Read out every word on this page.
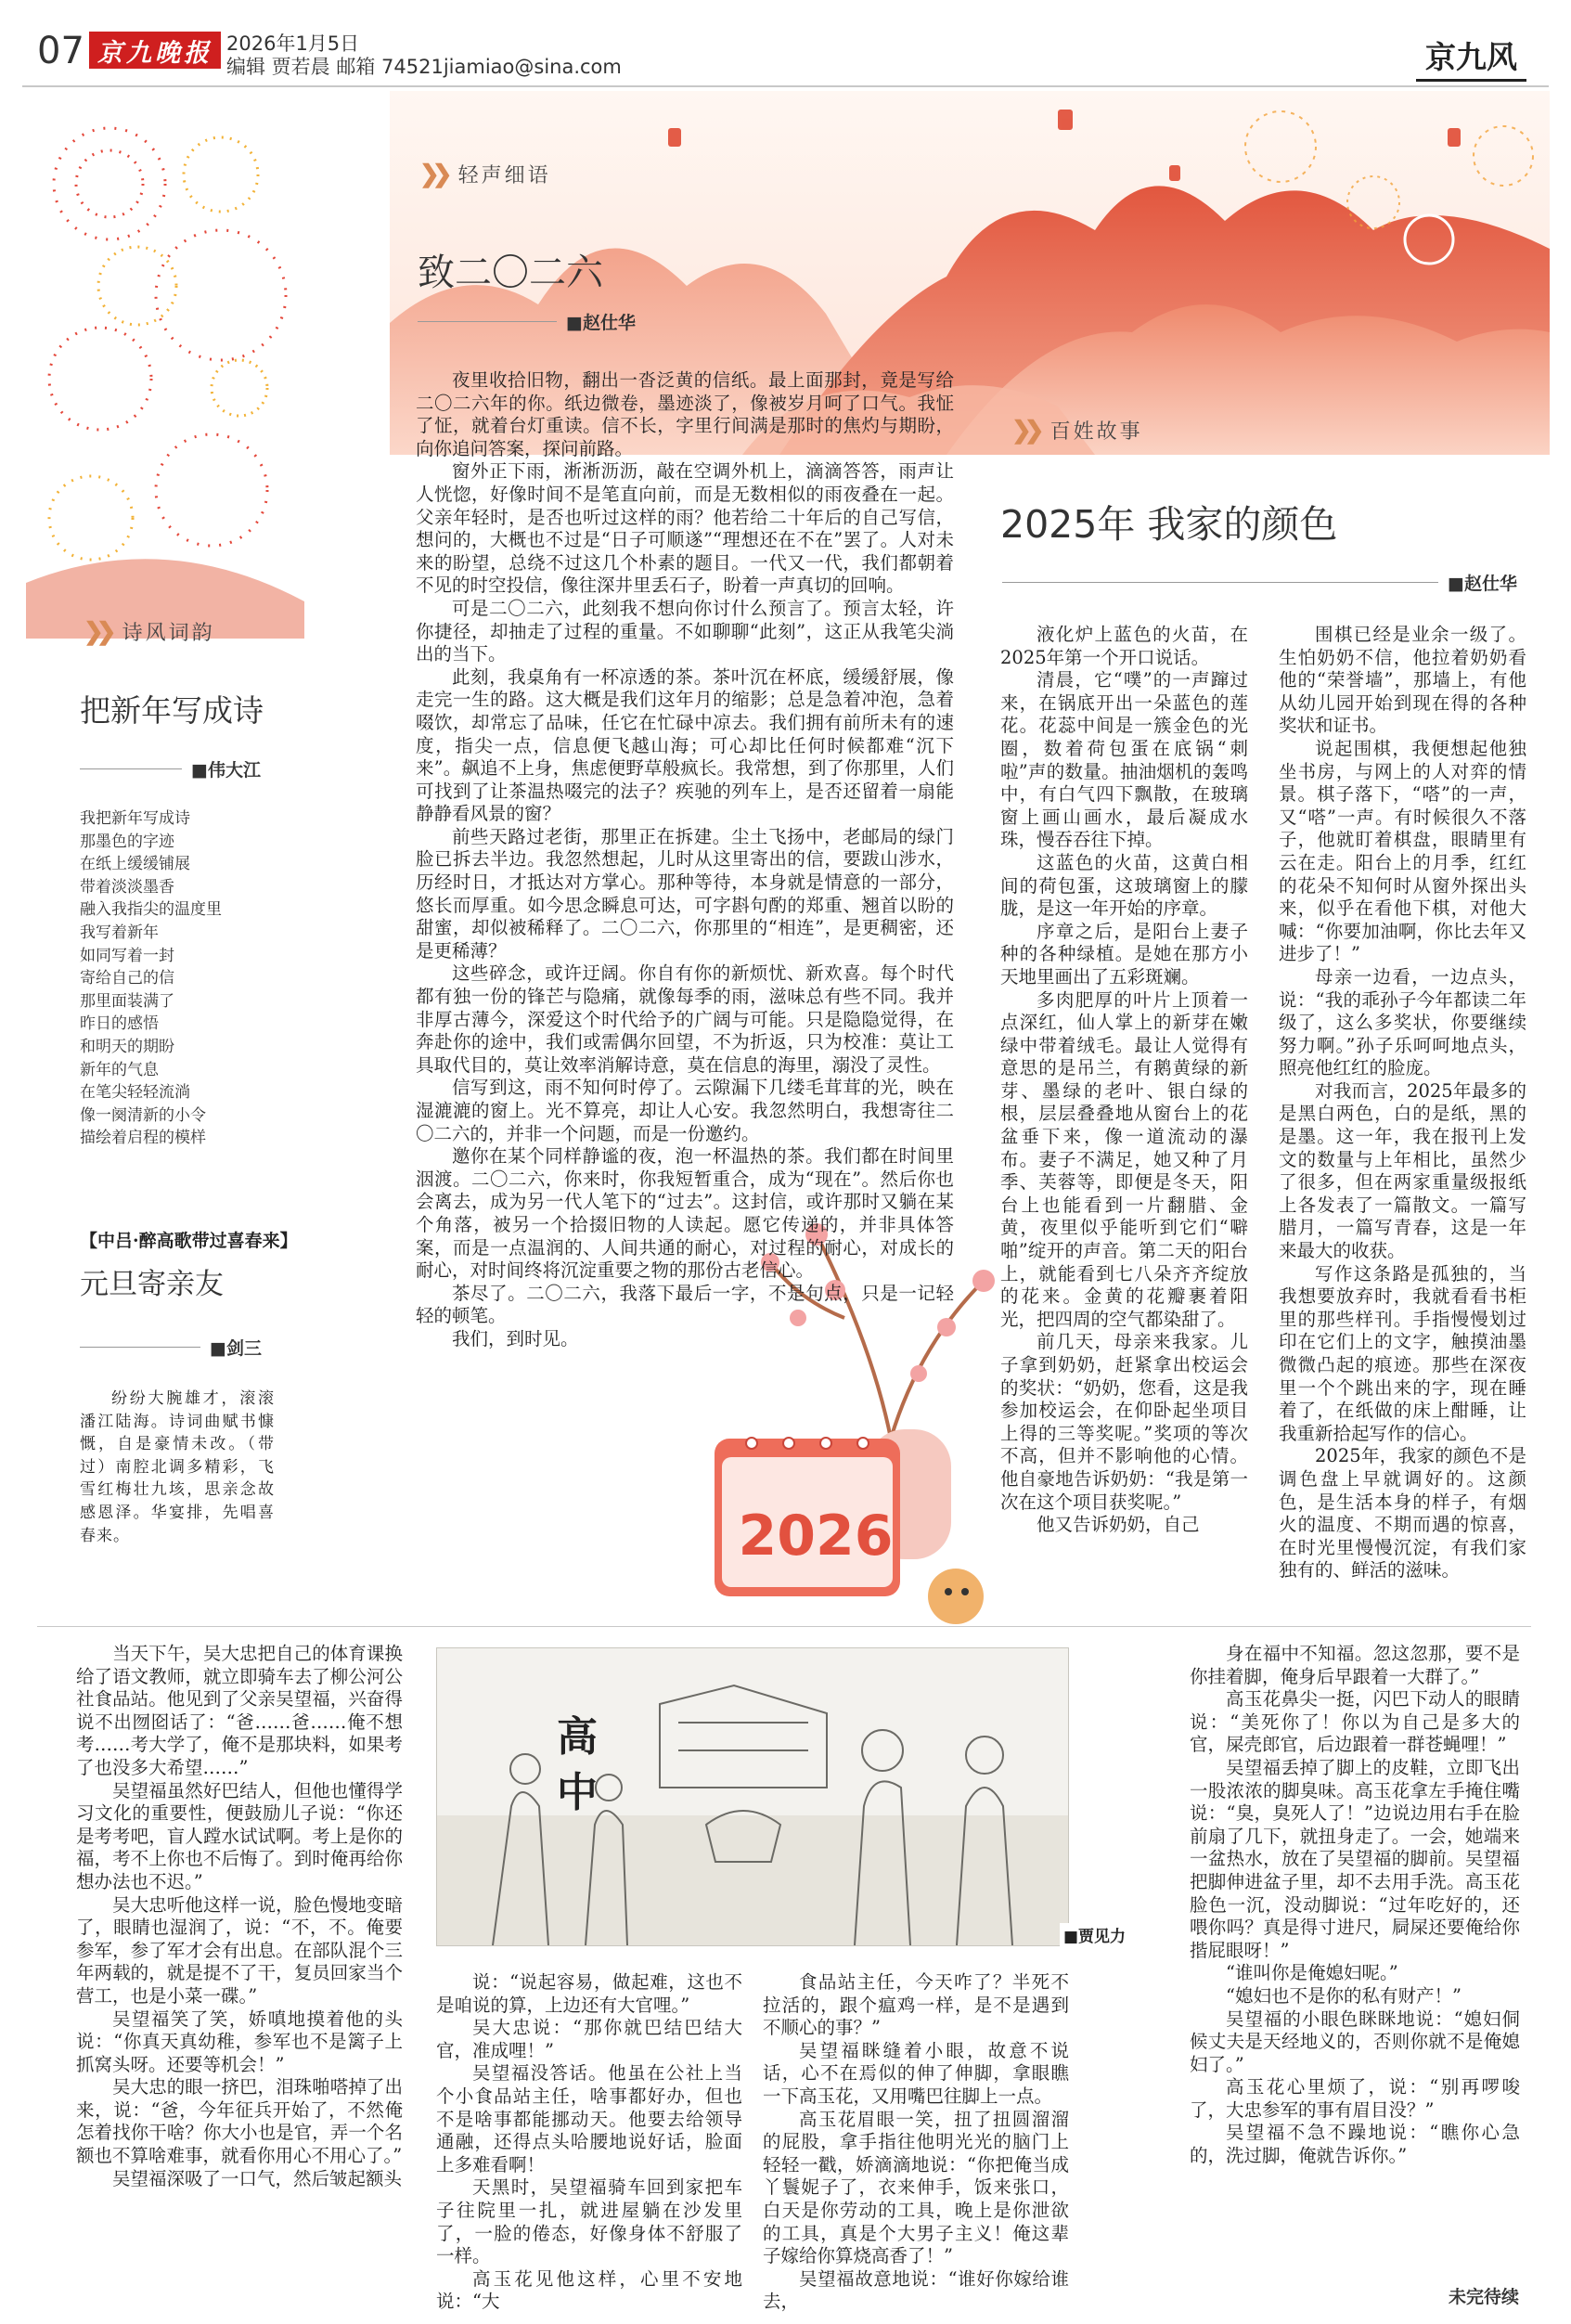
07 京九晚报 2026年1月5日
编辑 贾若晨 邮箱 74521jiamiao@sina.com	京九风
2026
❯❯ 轻声细语
致二〇二六
■赵仕华

夜里收拾旧物，翻出一沓泛黄的信纸。最上面那封，竟是写给二〇二六年的你。纸边微卷，墨迹淡了，像被岁月呵了口气。我怔了怔，就着台灯重读。信不长，字里行间满是那时的焦灼与期盼，向你追问答案，探问前路。

窗外正下雨，淅淅沥沥，敲在空调外机上，滴滴答答，雨声让人恍惚，好像时间不是笔直向前，而是无数相似的雨夜叠在一起。父亲年轻时，是否也听过这样的雨？他若给二十年后的自己写信，想问的，大概也不过是“日子可顺遂”“理想还在不在”罢了。人对未来的盼望，总绕不过这几个朴素的题目。一代又一代，我们都朝着不见的时空投信，像往深井里丢石子，盼着一声真切的回响。

可是二〇二六，此刻我不想向你讨什么预言了。预言太轻，许你捷径，却抽走了过程的重量。不如聊聊“此刻”，这正从我笔尖淌出的当下。

此刻，我桌角有一杯凉透的茶。茶叶沉在杯底，缓缓舒展，像走完一生的路。这大概是我们这年月的缩影；总是急着冲泡，急着啜饮，却常忘了品味，任它在忙碌中凉去。我们拥有前所未有的速度，指尖一点，信息便飞越山海；可心却比任何时候都难“沉下来”。飙追不上身，焦虑便野草般疯长。我常想，到了你那里，人们可找到了让茶温热啜完的法子？疾驰的列车上，是否还留着一扇能静静看风景的窗？

前些天路过老街，那里正在拆建。尘土飞扬中，老邮局的绿门脸已拆去半边。我忽然想起，儿时从这里寄出的信，要跋山涉水，历经时日，才抵达对方掌心。那种等待，本身就是情意的一部分，悠长而厚重。如今思念瞬息可达，可字斟句酌的郑重、翘首以盼的甜蜜，却似被稀释了。二〇二六，你那里的“相连”，是更稠密，还是更稀薄？

这些碎念，或许迂阔。你自有你的新烦忧、新欢喜。每个时代都有独一份的锋芒与隐痛，就像每季的雨，滋味总有些不同。我并非厚古薄今，深爱这个时代给予的广阔与可能。只是隐隐觉得，在奔赴你的途中，我们或需偶尔回望，不为折返，只为校准：莫让工具取代目的，莫让效率消解诗意，莫在信息的海里，溺没了灵性。

信写到这，雨不知何时停了。云隙漏下几缕毛茸茸的光，映在湿漉漉的窗上。光不算亮，却让人心安。我忽然明白，我想寄往二〇二六的，并非一个问题，而是一份邀约。

邀你在某个同样静谧的夜，泡一杯温热的茶。我们都在时间里洇渡。二〇二六，你来时，你我短暂重合，成为“现在”。然后你也会离去，成为另一代人笔下的“过去”。这封信，或许那时又躺在某个角落，被另一个拾掇旧物的人读起。愿它传递的，并非具体答案，而是一点温润的、人间共通的耐心，对过程的耐心，对成长的耐心，对时间终将沉淀重要之物的那份古老信心。

茶尽了。二〇二六，我落下最后一字，不是句点，只是一记轻轻的顿笔。

我们，到时见。

❯❯ 诗风词韵
把新年写成诗
■伟大江
我把新年写成诗
那墨色的字迹
在纸上缓缓铺展
带着淡淡墨香
融入我指尖的温度里
我写着新年
如同写着一封
寄给自己的信
那里面装满了
昨日的感悟
和明天的期盼
新年的气息
在笔尖轻轻流淌
像一阕清新的小令
描绘着启程的模样
【中吕·醉高歌带过喜春来】
元旦寄亲友
■剑三

纷纷大腕雄才，滚滚潘江陆海。诗词曲赋书慷慨，自是豪情未改。（带过）南腔北调多精彩，飞雪红梅壮九垓，思亲念故感恩泽。华宴排，先唱喜春来。

❯❯ 百姓故事
2025年 我家的颜色
■赵仕华

液化炉上蓝色的火苗，在2025年第一个开口说话。

清晨，它“噗”的一声蹿过来，在锅底开出一朵蓝色的莲花。花蕊中间是一簇金色的光圈，数着荷包蛋在底锅“刺啦”声的数量。抽油烟机的轰鸣中，有白气四下飘散，在玻璃窗上画山画水，最后凝成水珠，慢吞吞往下掉。

这蓝色的火苗，这黄白相间的荷包蛋，这玻璃窗上的朦胧，是这一年开始的序章。

序章之后，是阳台上妻子种的各种绿植。是她在那方小天地里画出了五彩斑斓。

多肉肥厚的叶片上顶着一点深红，仙人掌上的新芽在嫩绿中带着绒毛。最让人觉得有意思的是吊兰，有鹅黄绿的新芽、墨绿的老叶、银白绿的根，层层叠叠地从窗台上的花盆垂下来，像一道流动的瀑布。妻子不满足，她又种了月季、芙蓉等，即便是冬天，阳台上也能看到一片翻腊、金黄，夜里似乎能听到它们“噼啪”绽开的声音。第二天的阳台上，就能看到七八朵齐齐绽放的花来。金黄的花瓣裹着阳光，把四周的空气都染甜了。

前几天，母亲来我家。儿子拿到奶奶，赶紧拿出校运会的奖状：“奶奶，您看，这是我参加校运会，在仰卧起坐项目上得的三等奖呢。”奖项的等次不高，但并不影响他的心情。他自豪地告诉奶奶：“我是第一次在这个项目获奖呢。”

他又告诉奶奶，自己

围棋已经是业余一级了。生怕奶奶不信，他拉着奶奶看他的“荣誉墙”，那墙上，有他从幼儿园开始到现在得的各种奖状和证书。

说起围棋，我便想起他独坐书房，与网上的人对弈的情景。棋子落下，“嗒”的一声，又“嗒”一声。有时候很久不落子，他就盯着棋盘，眼睛里有云在走。阳台上的月季，红红的花朵不知何时从窗外探出头来，似乎在看他下棋，对他大喊：“你要加油啊，你比去年又进步了！”

母亲一边看，一边点头，说：“我的乖孙子今年都读二年级了，这么多奖状，你要继续努力啊。”孙子乐呵呵地点头，照亮他红红的脸庞。

对我而言，2025年最多的是黑白两色，白的是纸，黑的是墨。这一年，我在报刊上发文的数量与上年相比，虽然少了很多，但在两家重量级报纸上各发表了一篇散文。一篇写腊月，一篇写青春，这是一年来最大的收获。

写作这条路是孤独的，当我想要放弃时，我就看看书柜里的那些样刊。手指慢慢划过印在它们上的文字，触摸油墨微微凸起的痕迹。那些在深夜里一个个跳出来的字，现在睡着了，在纸做的床上酣睡，让我重新拾起写作的信心。

2025年，我家的颜色不是调色盘上早就调好的。这颜色，是生活本身的样子，有烟火的温度、不期而遇的惊喜，在时光里慢慢沉淀，有我们家独有的、鲜活的滋味。

高中
■贾见力

当天下午，吴大忠把自己的体育课换给了语文教师，就立即骑车去了柳公河公社食品站。他见到了父亲吴望福，兴奋得说不出囫囵话了：“爸……爸……俺不想考……考大学了，俺不是那块料，如果考了也没多大希望……”

吴望福虽然好巴结人，但他也懂得学习文化的重要性，便鼓励儿子说：“你还是考考吧，盲人蹚水试试啊。考上是你的福，考不上你也不后悔了。到时俺再给你想办法也不迟。”

吴大忠听他这样一说，脸色慢地变暗了，眼睛也湿润了，说：“不，不。俺要参军，参了军才会有出息。在部队混个三年两载的，就是提不了干，复员回家当个营工，也是小菜一碟。”

吴望福笑了笑，娇嗔地摸着他的头说：“你真天真幼稚，参军也不是篱子上抓窝头呀。还要等机会！”

吴大忠的眼一挤巴，泪珠啪嗒掉了出来，说：“爸，今年征兵开始了，不然俺怎着找你干啥？你大小也是官，弄一个名额也不算啥难事，就看你用心不用心了。”

吴望福深吸了一口气，然后皱起额头

说：“说起容易，做起难，这也不是咱说的算，上边还有大官哩。”

吴大忠说：“那你就巴结巴结大官，准成哩！”

吴望福没答话。他虽在公社上当个小食品站主任，啥事都好办，但也不是啥事都能挪动天。他要去给领导通融，还得点头哈腰地说好话，脸面上多难看啊！

天黑时，吴望福骑车回到家把车子往院里一扎，就进屋躺在沙发里了，一脸的倦态，好像身体不舒服了一样。

高玉花见他这样，心里不安地说：“大

食品站主任，今天咋了？半死不拉活的，跟个瘟鸡一样，是不是遇到不顺心的事？”

吴望福眯缝着小眼，故意不说话，心不在焉似的伸了伸脚，拿眼瞧一下高玉花，又用嘴巴往脚上一点。

高玉花眉眼一笑，扭了扭圆溜溜的屁股，拿手指往他明光光的脑门上轻轻一戳，娇滴滴地说：“你把俺当成丫鬟妮子了，衣来伸手，饭来张口，白天是你劳动的工具，晚上是你泄欲的工具，真是个大男子主义！俺这辈子嫁给你算烧高香了！”

吴望福故意地说：“谁好你嫁给谁去，

身在福中不知福。忽这忽那，要不是你挂着脚，俺身后早跟着一大群了。”

高玉花鼻尖一挺，闪巴下动人的眼睛说：“美死你了！你以为自己是多大的官，屎壳郎官，后边跟着一群苍蝇哩！”

吴望福丢掉了脚上的皮鞋，立即飞出一股浓浓的脚臭味。高玉花拿左手掩住嘴说：“臭，臭死人了！”边说边用右手在脸前扇了几下，就扭身走了。一会，她端来一盆热水，放在了吴望福的脚前。吴望福把脚伸进盆子里，却不去用手洗。高玉花脸色一沉，没动脚说：“过年吃好的，还喂你吗？真是得寸进尺，屙屎还要俺给你揩屁眼呀！”

“谁叫你是俺媳妇呢。”

“媳妇也不是你的私有财产！”

吴望福的小眼色眯眯地说：“媳妇侗候丈夫是天经地义的，否则你就不是俺媳妇了。”

高玉花心里烦了，说：“别再啰唆了，大忠参军的事有眉目没？”

吴望福不急不躁地说：“瞧你心急的，洗过脚，俺就告诉你。”

未完待续
